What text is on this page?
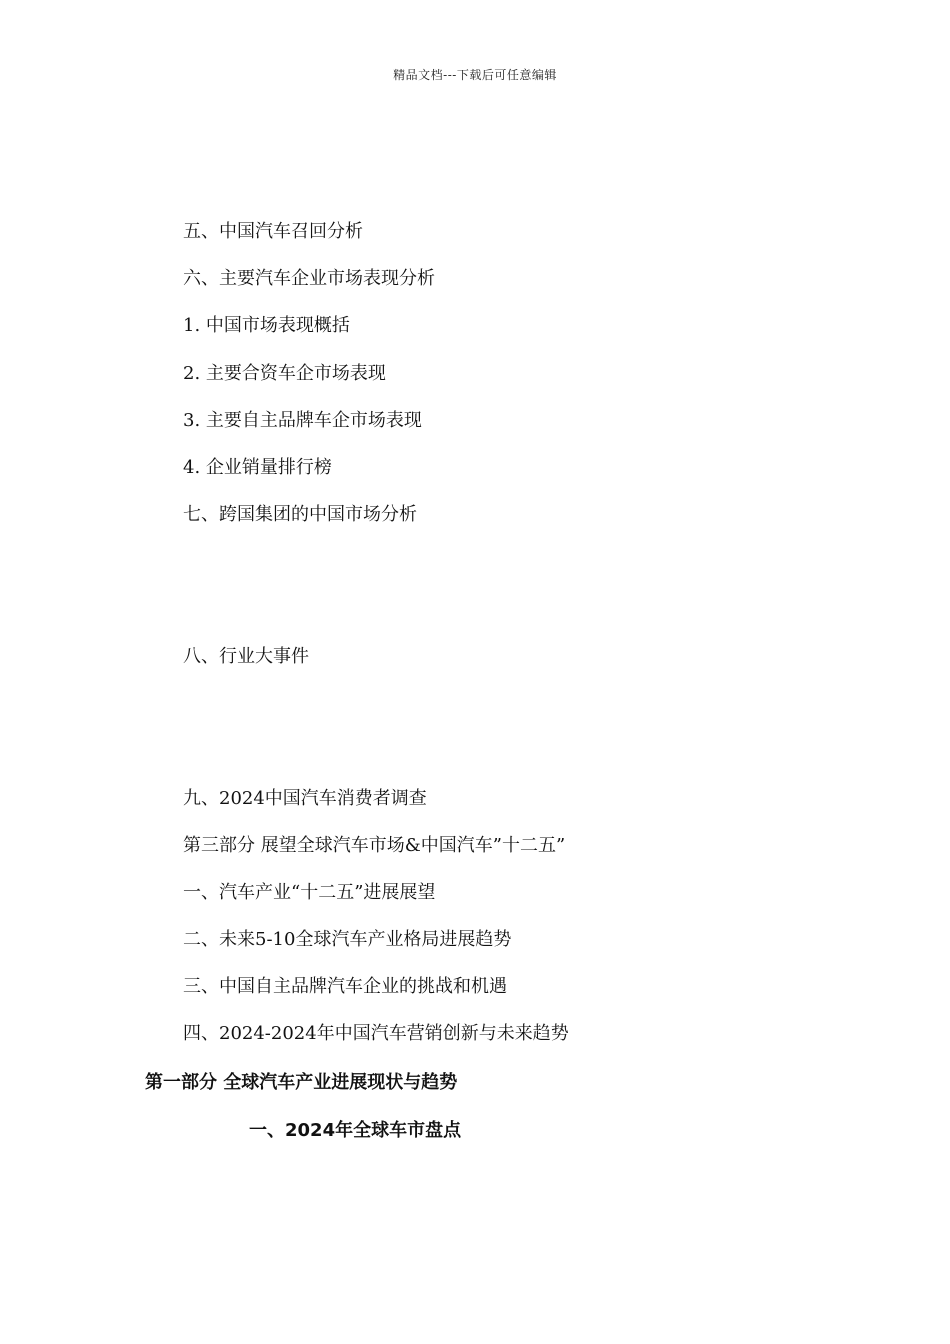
精品文档---下载后可任意编辑
五、中国汽车召回分析
六、主要汽车企业市场表现分析
1. 中国市场表现概括
2. 主要合资车企市场表现
3. 主要自主品牌车企市场表现
4. 企业销量排行榜
七、跨国集团的中国市场分析
八、行业大事件
九、2024中国汽车消费者调查
第三部分 展望全球汽车市场&中国汽车”十二五”
一、汽车产业“十二五”进展展望
二、未来5-10全球汽车产业格局进展趋势
三、中国自主品牌汽车企业的挑战和机遇
四、2024-2024年中国汽车营销创新与未来趋势
第一部分 全球汽车产业进展现状与趋势
一、2024年全球车市盘点
